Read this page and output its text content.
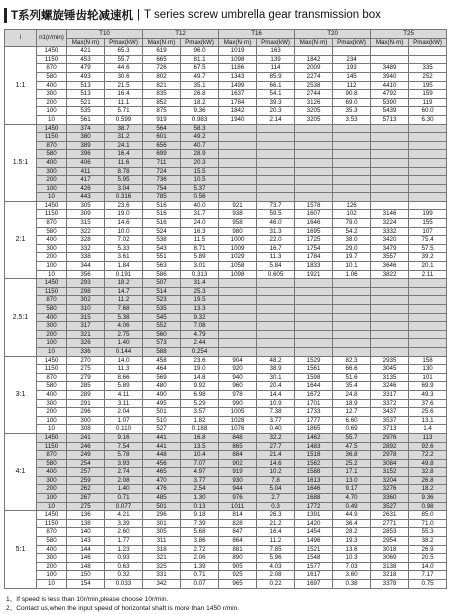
T系列螺旋锤齿轮减速机 | T series screw umbrella gear transmission box
i	n1(r/min)	T10		T12		T16		T20		T25	
		Max(N·m)	Pmax(kW)	Max(N·m)	Pmax(kW)	Max(N·m)	Pmax(kW)	Max(N·m)	Pmax(kW)	Max(N·m)	Pmax(kW)
1:1	1450	421	65.3	619	96.0	1019	163				
	1150	453	55.7	665	81.1	1098	139	1842	234		
	870	479	44.6	726	67.5	1186	114	2009	193	3489	335
	580	493	30.6	802	49.7	1343	85.9	2274	145	3940	252
	400	513	21.5	821	35.1	1499	66.1	2538	112	4410	195
	300	513	16.4	835	26.8	1637	54.1	2744	90.8	4792	159
	200	521	11.1	852	18.2	1784	39.3	3126	69.0	5390	119
	100	535	5.71	875	9.36	1842	20.3	3205	35.3	5439	60.0
	10	561	0.599	919	0.983	1940	2.14	3205	3.53	5713	6.30
1.5:1	1450	374	38.7	564	58.3						
	1150	380	31.2	601	49.2						
	870	389	24.1	656	40.7						
	580	396	16.4	699	28.9						
	400	406	11.6	711	20.3						
	300	411	8.78	724	15.5						
	200	417	5.95	736	10.5						
	100	426	3.04	754	5.37						
	10	443	0.316	785	0.56						
2:1	1450	305	23.6	516	40.0	921	73.7	1578	126		
	1150	309	19.0	516	31.7	938	59.5	1607	102	3146	199
	870	315	14.6	516	24.0	958	46.0	1646	79.0	3224	155
	580	322	10.0	524	16.3	980	31.3	1695	54.2	3332	107
	400	328	7.02	538	11.5	1000	22.0	1725	38.0	3420	75.4
	300	332	5.33	543	8.71	1009	16.7	1754	29.0	3479	57.5
	200	338	3.61	551	5.89	1029	11.3	1784	19.7	3557	39.2
	100	344	1.84	563	3.01	1058	5.84	1833	10.1	3646	20.1
	10	356	0.191	586	0.313	1098	0.605	1921	1.06	3822	2.11
2.5:1	1450	293	18.2	507	31.4						
	1150	298	14.7	514	25.3						
	870	302	11.2	523	19.5						
	580	310	7.68	535	13.3						
	400	315	5.38	545	9.32						
	300	317	4.06	552	7.08						
	200	321	2.75	560	4.79						
	100	326	1.40	573	2.44						
	10	336	0.144	588	0.254						
3:1	1450	270	14.0	458	23.6	904	48.2	1529	82.3	2935	158
	1150	275	11.3	464	19.0	920	38.9	1561	66.6	3045	130
	870	279	8.66	569	14.8	940	30.1	1598	51.6	3135	101
	580	285	5.89	480	9.92	960	20.4	1644	35.4	3246	69.9
	400	289	4.11	490	6.98	978	14.4	1672	24.8	3317	49.3
	300	291	3.11	495	5.29	990	10.9	1701	18.9	3372	37.6
	200	296	2.04	501	3.57	1005	7.38	1733	12.7	3437	25.6
	100	300	1.07	510	1.82	1028	3.77	1777	6.60	3537	13.1
	10	308	0.110	527	0.188	1076	0.40	1865	0.69	3713	1.4
4:1	1450	241	9.16	441	16.8	848	32.2	1462	55.7	2976	113
	1150	246	7.54	441	13.5	865	27.7	1483	47.5	2892	92.6
	870	249	5.78	448	10.4	884	21.4	1518	36.8	2978	72.2
	580	254	3.93	456	7.07	902	14.6	1562	25.2	3084	49.8
	400	257	2.74	465	4.97	919	10.2	1588	17.1	3152	32.8
	300	259	2.08	470	3.77	930	7.8	1613	13.0	3204	26.8
	200	262	1.40	476	2.54	944	5.04	1646	9.17	3276	18.2
	100	267	0.71	485	1.30	976	2.7	1688	4.70	3360	9.36
	10	275	0.077	501	0.13	1011	0.3	1772	0.49	3527	0.98
5:1	1450	136	4.21	296	9.18	814	26.3	1391	44.9	2631	85.0
	1150	138	3.39	301	7.39	828	21.2	1420	36.4	2771	71.0
	870	140	2.60	305	5.68	847	16.4	1454	28.2	2853	55.3
	580	143	1.77	311	3.86	864	11.2	1496	19.3	2954	38.2
	400	144	1.23	318	2.72	881	7.85	1521	13.6	3018	26.9
	300	146	0.93	321	2.06	890	5.96	1548	10.3	3069	20.5
	200	148	0.63	325	1.39	905	4.03	1577	7.03	3138	14.0
	100	150	0.32	331	0.71	925	2.08	1617	3.60	3218	7.17
	10	154	0.033	342	0.07	965	0.22	1697	0.38	3378	0.75
1、If speed is less than 10r/min,please choose 10r/min.
2、Contact us,when the input speed of horizontal shaft is more than 1450 r/min.
